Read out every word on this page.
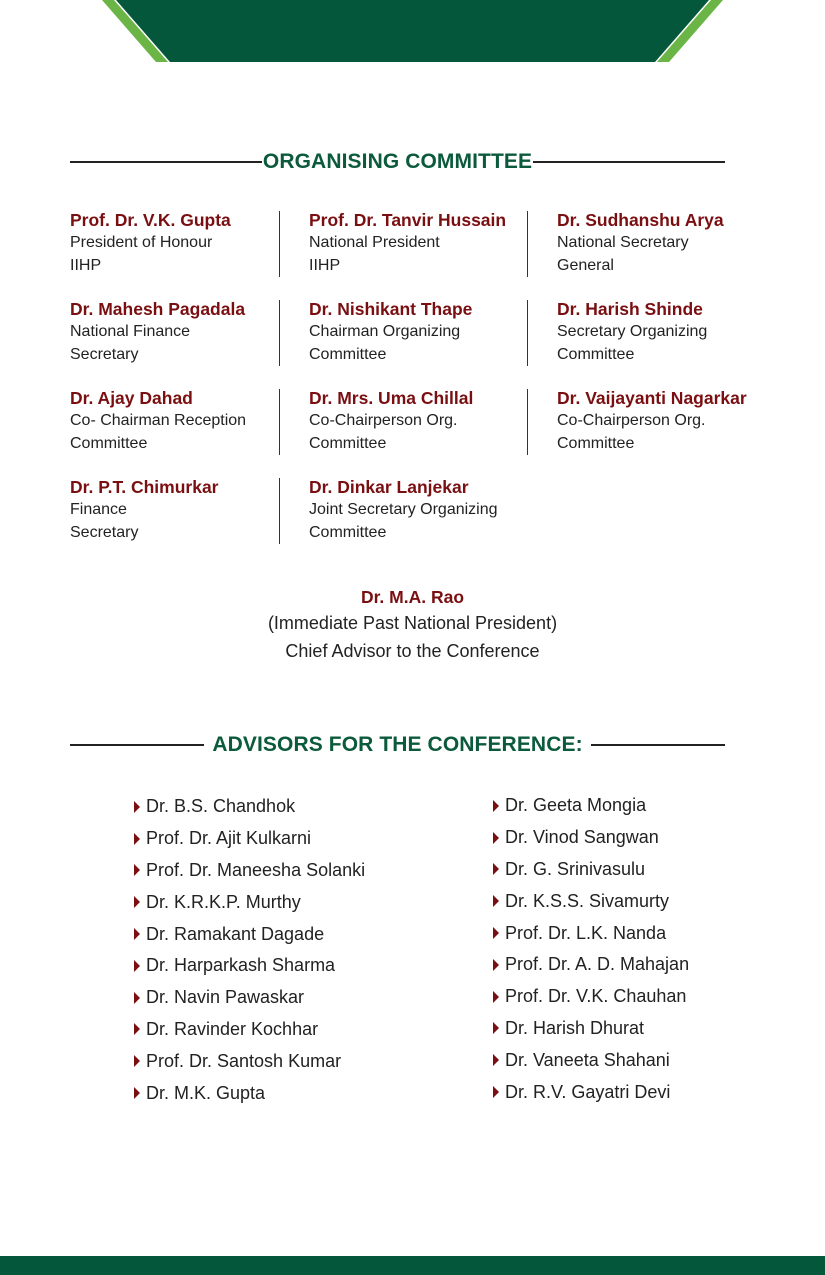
ORGANISING COMMITTEE
Prof. Dr. V.K. Gupta
President of Honour
IIHP
Prof. Dr. Tanvir Hussain
National President
IIHP
Dr. Sudhanshu Arya
National Secretary
General
Dr. Mahesh Pagadala
National Finance
Secretary
Dr. Nishikant Thape
Chairman Organizing
Committee
Dr. Harish Shinde
Secretary Organizing
Committee
Dr. Ajay Dahad
Co- Chairman Reception
Committee
Dr. Mrs. Uma Chillal
Co-Chairperson Org.
Committee
Dr. Vaijayanti Nagarkar
Co-Chairperson Org.
Committee
Dr. P.T. Chimurkar
Finance
Secretary
Dr. Dinkar Lanjekar
Joint Secretary Organizing
Committee
Dr. M.A. Rao
(Immediate Past National President)
Chief Advisor to the Conference
ADVISORS FOR THE CONFERENCE:
Dr. B.S. Chandhok
Prof. Dr. Ajit Kulkarni
Prof. Dr. Maneesha Solanki
Dr. K.R.K.P. Murthy
Dr. Ramakant Dagade
Dr. Harparkash Sharma
Dr. Navin Pawaskar
Dr. Ravinder Kochhar
Prof. Dr. Santosh Kumar
Dr. M.K. Gupta
Dr. Geeta Mongia
Dr. Vinod Sangwan
Dr. G. Srinivasulu
Dr. K.S.S. Sivamurty
Prof. Dr. L.K. Nanda
Prof. Dr. A. D. Mahajan
Prof. Dr. V.K. Chauhan
Dr. Harish Dhurat
Dr. Vaneeta Shahani
Dr. R.V. Gayatri Devi
